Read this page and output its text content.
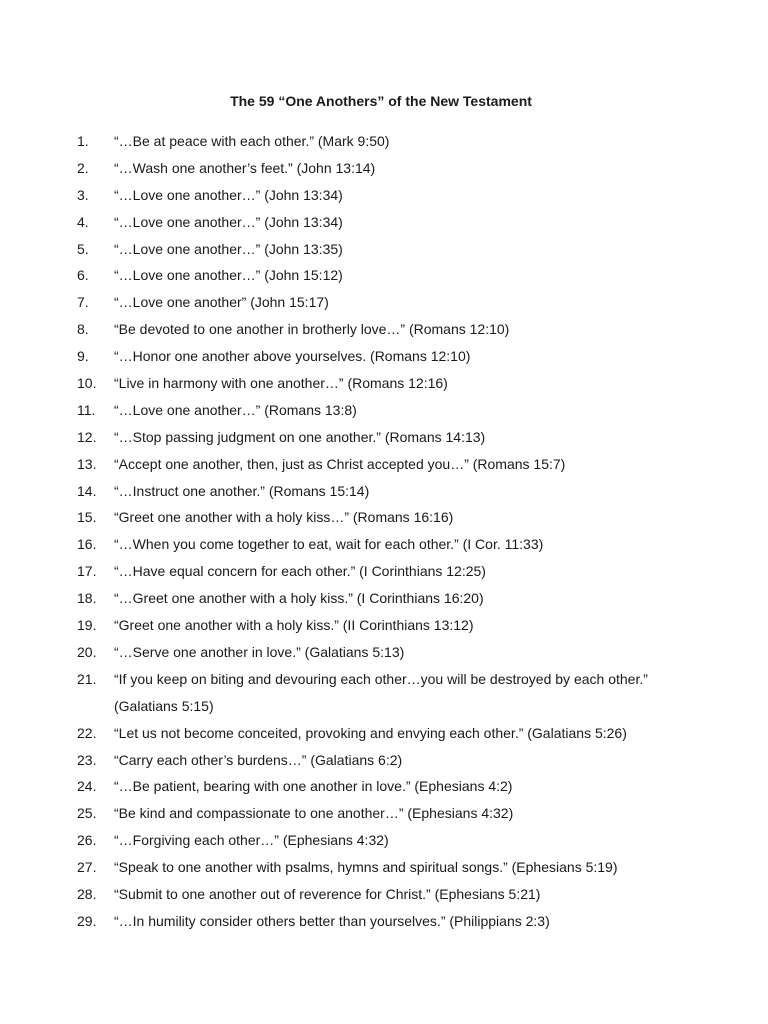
The 59 “One Anothers” of the New Testament
1. “…Be at peace with each other.” (Mark 9:50)
2. “…Wash one another’s feet.” (John 13:14)
3. “…Love one another…” (John 13:34)
4. “…Love one another…” (John 13:34)
5. “…Love one another…” (John 13:35)
6. “…Love one another…” (John 15:12)
7. “…Love one another” (John 15:17)
8. “Be devoted to one another in brotherly love…” (Romans 12:10)
9. “…Honor one another above yourselves. (Romans 12:10)
10. “Live in harmony with one another…” (Romans 12:16)
11. “…Love one another…” (Romans 13:8)
12. “…Stop passing judgment on one another.” (Romans 14:13)
13. “Accept one another, then, just as Christ accepted you…” (Romans 15:7)
14. “…Instruct one another.” (Romans 15:14)
15. “Greet one another with a holy kiss…” (Romans 16:16)
16. “…When you come together to eat, wait for each other.” (I Cor. 11:33)
17. “…Have equal concern for each other.” (I Corinthians 12:25)
18. “…Greet one another with a holy kiss.” (I Corinthians 16:20)
19. “Greet one another with a holy kiss.” (II Corinthians 13:12)
20. “…Serve one another in love.” (Galatians 5:13)
21. “If you keep on biting and devouring each other…you will be destroyed by each other.”
(Galatians 5:15)
22. “Let us not become conceited, provoking and envying each other.” (Galatians 5:26)
23. “Carry each other’s burdens…” (Galatians 6:2)
24. “…Be patient, bearing with one another in love.” (Ephesians 4:2)
25. “Be kind and compassionate to one another…” (Ephesians 4:32)
26. “…Forgiving each other…” (Ephesians 4:32)
27. “Speak to one another with psalms, hymns and spiritual songs.” (Ephesians 5:19)
28. “Submit to one another out of reverence for Christ.” (Ephesians 5:21)
29. “…In humility consider others better than yourselves.” (Philippians 2:3)
